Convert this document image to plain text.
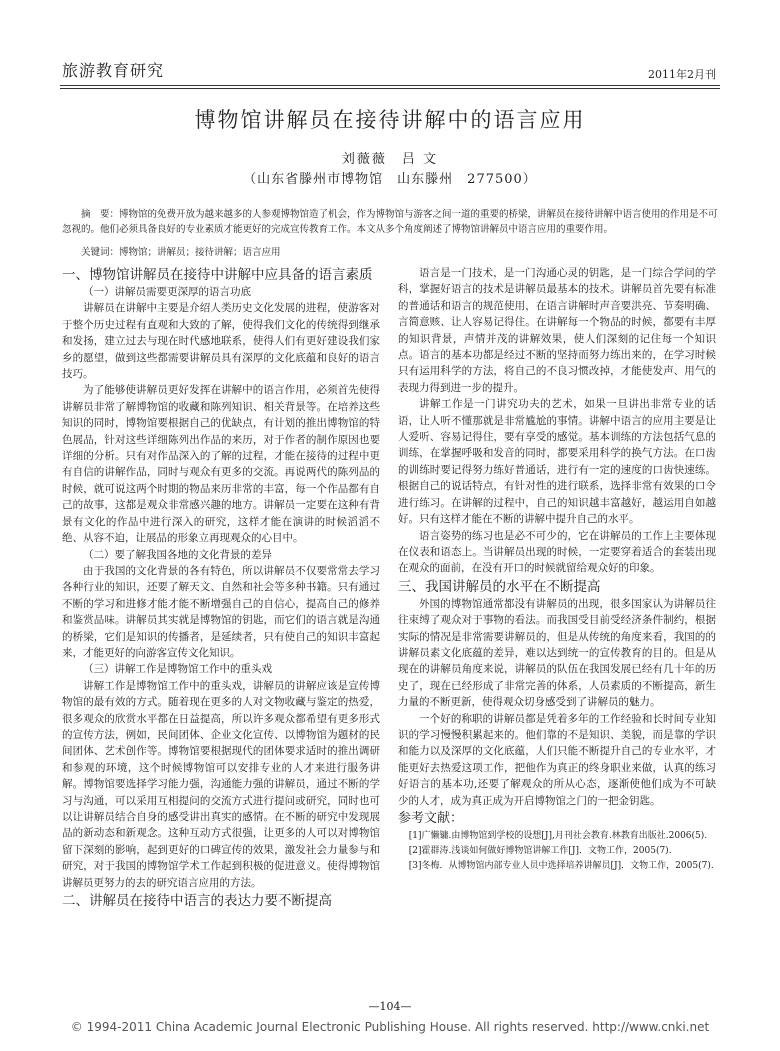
旅游教育研究	2011年2月刊
博物馆讲解员在接待讲解中的语言应用
刘薇薇　吕 文
（山东省滕州市博物馆　山东滕州　277500）
摘　要：博物馆的免费开放为越来越多的人参观博物馆造了机会，作为博物馆与游客之间一道的重要的桥梁，讲解员在接待讲解中语言使用的作用是不可忽视的。他们必须具备良好的专业素质才能更好的完成宣传教育工作。本文从多个角度阐述了博物馆讲解员中语言应用的重要作用。
关键词：博物馆；讲解员；接待讲解；语言应用
一、博物馆讲解员在接待中讲解中应具备的语言素质
（一）讲解员需要更深厚的语言功底

讲解员在讲解中主要是介绍人类历史文化发展的进程，使游客对于整个历史过程有直观和大致的了解，使得我们文化的传统得到继承和发扬，建立过去与现在时代感地联系，使得人们有更好建设我们家乡的愿望，做到这些都需要讲解员具有深厚的文化底蕴和良好的语言技巧。

为了能够使讲解员更好发挥在讲解中的语言作用，必须首先使得讲解员非常了解博物馆的收藏和陈列知识、相关背景等。在培养这些知识的同时，博物馆要根据自己的优缺点，有计划的推出博物馆的特色展品，针对这些详细陈列出作品的来历，对于作者的制作原因也要详细的分析。只有对作品深入的了解的过程，才能在接待的过程中更有自信的讲解作品，同时与观众有更多的交流。再说两代的陈列品的时候，就可说这两个时期的物品来历非常的丰富，每一个作品都有自己的故事，这都是观众非常感兴趣的地方。讲解员一定要在这种有背景有文化的作品中进行深入的研究，这样才能在演讲的时候滔滔不绝、从容不迫，让展品的形象立再现观众的心目中。

（二）要了解我国各地的文化背景的差异

由于我国的文化背景的各有特色，所以讲解员不仅要常常去学习各种行业的知识，还要了解天文、自然和社会等多种书籍。只有通过不断的学习和进修才能才能不断增强自己的自信心，提高自己的修养和鉴赏品味。讲解员其实就是博物馆的钥匙，而它们的语言就是沟通的桥梁，它们是知识的传播者，是延续者，只有使自己的知识丰富起来，才能更好的向游客宣传文化知识。

（三）讲解工作是博物馆工作中的重头戏

讲解工作是博物馆工作中的重头戏，讲解员的讲解应该是宣传博物馆的最有效的方式。随着现在更多的人对文物收藏与鉴定的热爱，很多观众的欣赏水平都在日益提高，所以许多观众都希望有更多形式的宣传方法，例如，民间团体、企业文化宣传、以博物馆为题材的民间团体、艺术创作等。博物馆要根据现代的团体要求适时的推出调研和参观的环境，这个时候博物馆可以安排专业的人才来进行服务讲解。博物馆要选择学习能力强，沟通能力强的讲解员，通过不断的学习与沟通，可以采用互相提问的交流方式进行提问或研究，同时也可以让讲解员结合自身的感受讲出真实的感情。在不断的研究中发现展品的新动态和新观念。这种互动方式很强，让更多的人可以对博物馆留下深刻的影响，起到更好的口碑宣传的效果，激发社会力量参与和研究，对于我国的博物馆学术工作起到积极的促进意义。使得博物馆讲解员更努力的去的研究语言应用的方法。

二、讲解员在接待中语言的表达力要不断提高

语言是一门技术，是一门沟通心灵的钥匙，是一门综合学问的学科，掌握好语言的技术是讲解员最基本的技术。讲解员首先要有标准的普通话和语言的规范使用，在语言讲解时声音要洪亮、节奏明确、言简意赅、让人容易记得住。在讲解每一个物品的时候，都要有丰厚的知识背景，声情并茂的讲解效果，使人们深刻的记住每一个知识点。语言的基本功都是经过不断的坚持而努力练出来的，在学习时候只有运用科学的方法，将自己的不良习惯改掉，才能使发声、用气的表现力得到进一步的提升。

讲解工作是一门讲究功夫的艺术，如果一旦讲出非常专业的话语，让人听不懂那就是非常尴尬的事情。讲解中语言的应用主要是让人爱听、容易记得住，要有享受的感觉。基本训练的方法包括气息的训练，在掌握呼吸和发音的同时，都要采用科学的换气方法。在口齿的训练时要记得努力练好普通话，进行有一定的速度的口齿快速练。根据自己的说话特点，有针对性的进行联系，选择非常有效果的口令进行练习。在讲解的过程中，自己的知识越丰富越好，越运用自如越好。只有这样才能在不断的讲解中提升自己的水平。

语言姿势的练习也是必不可少的，它在讲解员的工作上主要体现在仪表和语态上。当讲解员出现的时候，一定要穿着适合的套装出现在观众的面前，在没有开口的时候就留给观众好的印象。

三、我国讲解员的水平在不断提高

外国的博物馆通常都没有讲解员的出现，很多国家认为讲解员往往束缚了观众对于事物的看法。而我国受目前受经济条件制约，根据实际的情况是非常需要讲解员的，但是从传统的角度来看，我国的的讲解员素文化底蕴的差异，难以达到统一的宣传教育的目的。但是从现在的讲解员角度来说，讲解员的队伍在我国发展已经有几十年的历史了，现在已经形成了非常完善的体系，人员素质的不断提高，新生力量的不断更新，使得观众切身感受到了讲解员的魅力。

一个好的称职的讲解员都是凭着多年的工作经验和长时间专业知识的学习慢慢积累起来的。他们靠的不是知识、美貌，而是靠的学识和能力以及深厚的文化底蕴，人们只能不断提升自己的专业水平，才能更好去热爱这项工作，把他作为真正的终身职业来做，认真的练习好语言的基本功,还要了解观众的所从心态，逐渐使他们成为不可缺少的人才，成为真正成为开启博物馆之门的一把金钥匙。

参考文献：

[1]广懒镛.由博物馆到学校的设想[J],月刊社会教育.林教育出版社.2006(5).

[2]霍群涛.浅谈如何做好博物馆讲解工作[J]．文物工作，2005(7).

[3]冬梅．从博物馆内部专业人员中选择培养讲解员[J]．文物工作，2005(7).

—104—
© 1994-2011 China Academic Journal Electronic Publishing House. All rights reserved. http://www.cnki.net
